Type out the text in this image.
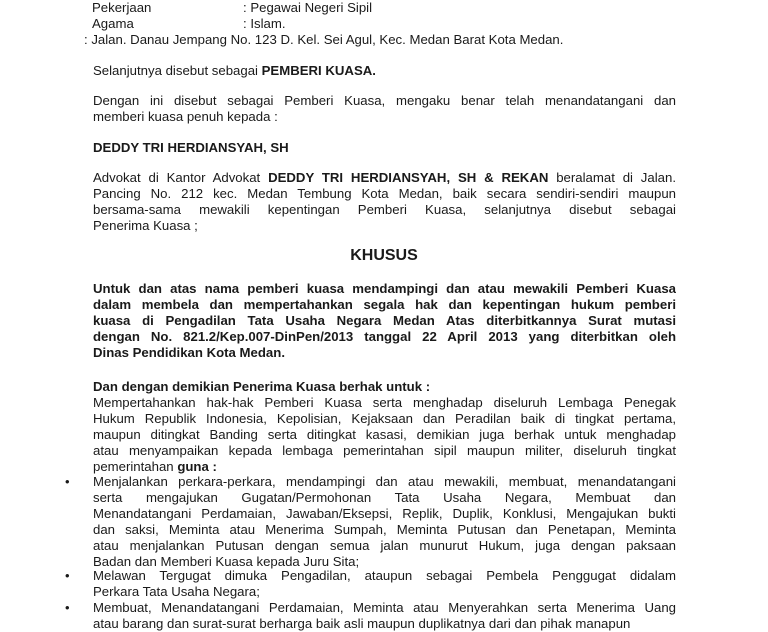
Pekerjaan	: Pegawai Negeri Sipil
Agama	: Islam.
: Jalan. Danau Jempang No. 123 D. Kel. Sei Agul, Kec. Medan Barat Kota Medan.
Selanjutnya disebut sebagai PEMBERI KUASA.
Dengan ini disebut sebagai Pemberi Kuasa, mengaku benar telah menandatangani dan
memberi kuasa penuh kepada :
DEDDY TRI HERDIANSYAH, SH
Advokat di Kantor Advokat DEDDY TRI HERDIANSYAH, SH & REKAN beralamat di Jalan.
Pancing No. 212 kec. Medan Tembung Kota Medan, baik secara sendiri-sendiri maupun
bersama-sama mewakili kepentingan Pemberi Kuasa, selanjutnya disebut sebagai
Penerima Kuasa ;
KHUSUS
Untuk dan atas nama pemberi kuasa mendampingi dan atau mewakili Pemberi Kuasa
dalam membela dan mempertahankan segala hak dan kepentingan hukum pemberi
kuasa di Pengadilan Tata Usaha Negara Medan Atas diterbitkannya Surat mutasi
dengan No. 821.2/Kep.007-DinPen/2013 tanggal 22 April 2013 yang diterbitkan oleh
Dinas Pendidikan Kota Medan.
Dan dengan demikian Penerima Kuasa berhak untuk :
Mempertahankan hak-hak Pemberi Kuasa serta menghadap diseluruh Lembaga Penegak
Hukum Republik Indonesia, Kepolisian, Kejaksaan dan Peradilan baik di tingkat pertama,
maupun ditingkat Banding serta ditingkat kasasi, demikian juga berhak untuk menghadap
atau menyampaikan kepada lembaga pemerintahan sipil maupun militer, diseluruh tingkat
pemerintahan guna :
• Menjalankan perkara-perkara, mendampingi dan atau mewakili, membuat, menandatangani
serta mengajukan Gugatan/Permohonan Tata Usaha Negara, Membuat dan
Menandatangani Perdamaian, Jawaban/Eksepsi, Replik, Duplik, Konklusi, Mengajukan bukti
dan saksi, Meminta atau Menerima Sumpah, Meminta Putusan dan Penetapan, Meminta
atau menjalankan Putusan dengan semua jalan munurut Hukum, juga dengan paksaan
Badan dan Memberi Kuasa kepada Juru Sita;
• Melawan Tergugat dimuka Pengadilan, ataupun sebagai Pembela Penggugat didalam
Perkara Tata Usaha Negara;
• Membuat, Menandatangani Perdamaian, Meminta atau Menyerahkan serta Menerima Uang
atau barang dan surat-surat berharga baik asli maupun duplikatnya dari dan pihak manapun
